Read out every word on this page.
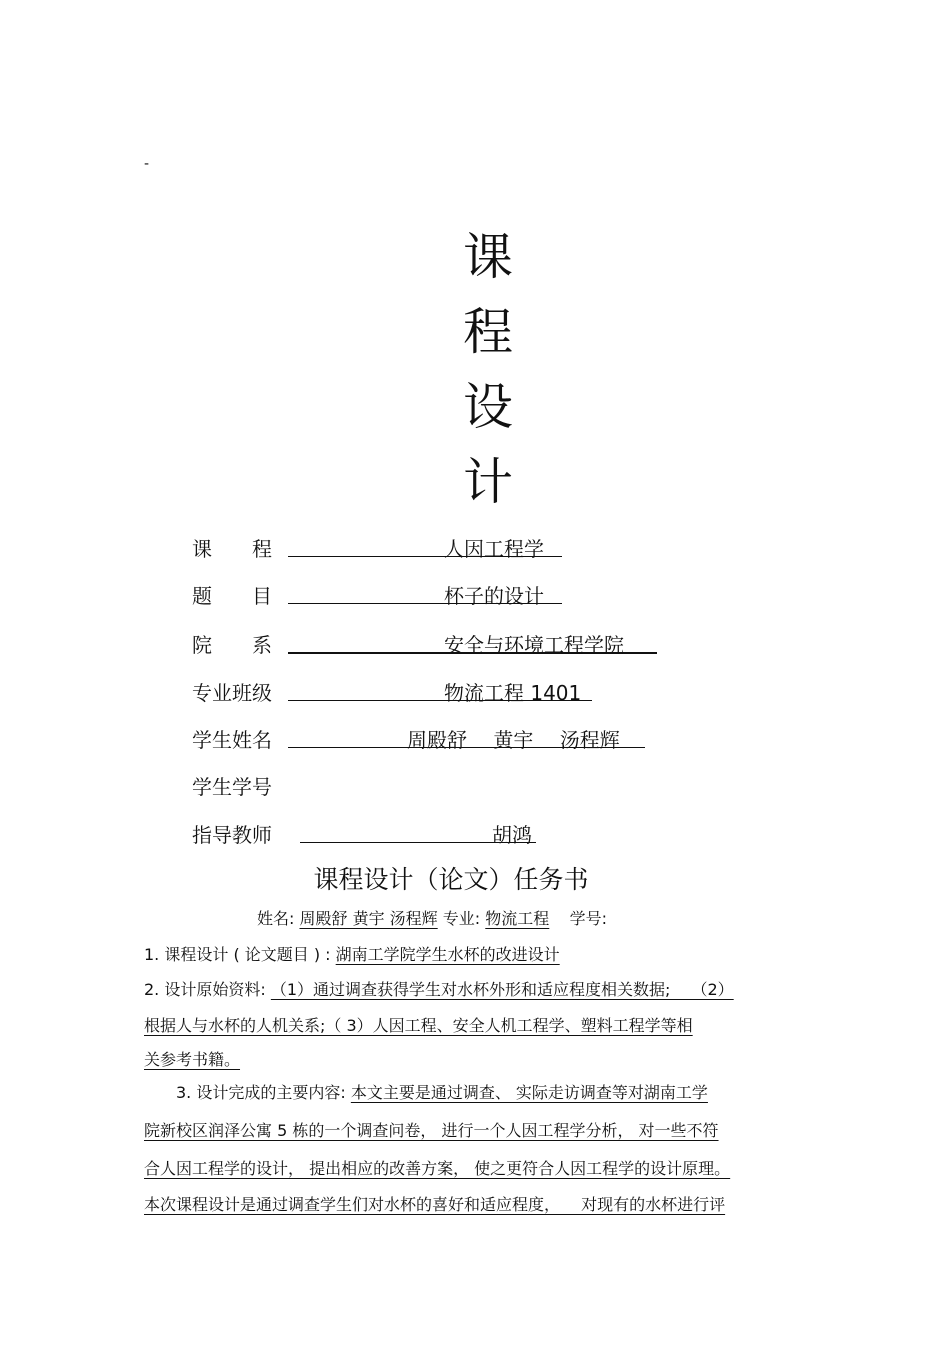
-
课
程
设
计
课　　程	人因工程学
题　　目	杯子的设计
院　　系	安全与环境工程学院
专业班级	物流工程 1401
学生姓名	周殿舒　 黄宇 　汤程辉
学生学号
指导教师	胡鸿
课程设计（论文）任务书
姓名: 周殿舒 黄宇 汤程辉 专业: 物流工程 学号:
1. 课程设计 ( 论文题目 ) : 湖南工学院学生水杯的改进设计
2. 设计原始资料: （1）通过调查获得学生对水杯外形和适应程度相关数据;　 （2）
根据人与水杯的人机关系;（ 3）人因工程、安全人机工程学、塑料工程学等相
关参考书籍。
3. 设计完成的主要内容: 本文主要是通过调查、 实际走访调查等对湖南工学
院新校区润泽公寓 5 栋的一个调查问卷， 进行一个人因工程学分析， 对一些不符
合人因工程学的设计， 提出相应的改善方案， 使之更符合人因工程学的设计原理。
本次课程设计是通过调查学生们对水杯的喜好和适应程度， 　对现有的水杯进行评
